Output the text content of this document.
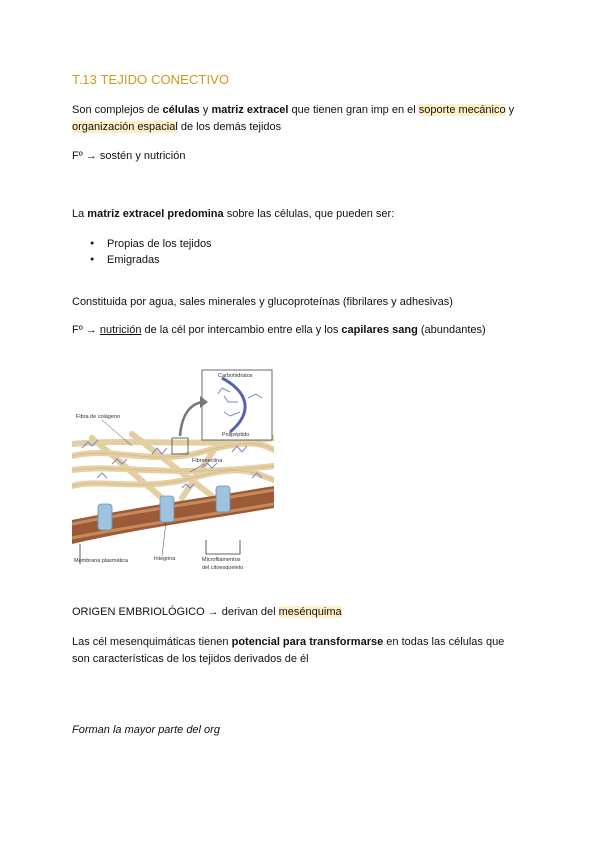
T.13 TEJIDO CONECTIVO
Son complejos de células y matriz extracel que tienen gran imp en el soporte mecánico y organización espacial de los demás tejidos
Fº → sostén y nutrición
La matriz extracel predomina sobre las células, que pueden ser:
● Propias de los tejidos
● Emigradas
Constituida por agua, sales minerales y glucoproteínas (fibrilares y adhesivas)
Fº → nutrición de la cél por intercambio entre ella y los capilares sang (abundantes)
Carbohidratos
Polipéptido
Fibra de colágeno
Fibronectina
Membrana plasmática	Integrina	Microfilamentos
del citoesqueleto
ORIGEN EMBRIOLÓGICO → derivan del mesénquima
Las cél mesenquimáticas tienen potencial para transformarse en todas las células que son características de los tejidos derivados de él
Forman la mayor parte del org
